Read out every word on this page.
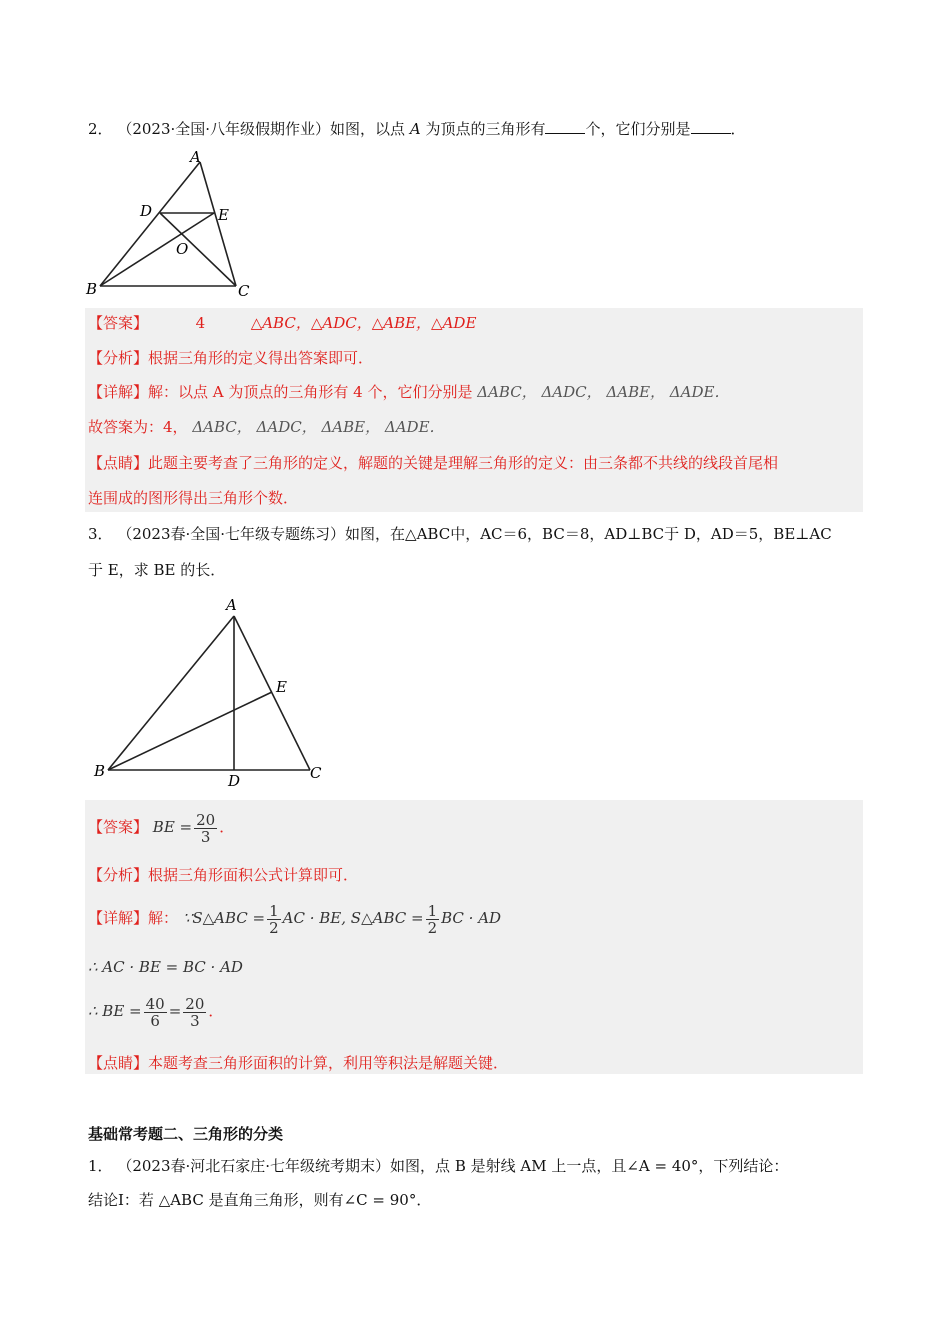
2． （2023·全国·八年级假期作业）如图，以点 A 为顶点的三角形有	个，它们分别是	．
A
D	E
O
B	C
【答案】	4	△ABC，△ADC，△ABE，△ADE
【分析】根据三角形的定义得出答案即可．
【详解】解：以点 A 为顶点的三角形有 4 个，它们分别是 ΔABC， ΔADC， ΔABE， ΔADE．
故答案为：4， ΔABC， ΔADC， ΔABE， ΔADE．
【点睛】此题主要考查了三角形的定义，解题的关键是理解三角形的定义：由三条都不共线的线段首尾相
连围成的图形得出三角形个数．
3． （2023春·全国·七年级专题练习）如图，在△ABC中，AC＝6，BC＝8，AD⊥BC于 D，AD＝5，BE⊥AC
于 E，求 BE 的长．
A
E
B
D	C
【答案】 BE = $\frac{20}{3}$ ．
【分析】根据三角形面积公式计算即可．
【详解】解： ∵S△ABC = $\frac{1}{2}$ AC · BE, S△ABC = $\frac{1}{2}$ BC · AD
∴ AC · BE = BC · AD
∴ BE = $\frac{40}{6} = \frac{20}{3}$ ．
【点睛】本题考查三角形面积的计算，利用等积法是解题关键．
基础常考题二、三角形的分类
1． （2023春·河北石家庄·七年级统考期末）如图，点 B 是射线 AM 上一点，且∠A = 40°，下列结论：
结论Ⅰ：若 △ABC 是直角三角形，则有∠C = 90°．
